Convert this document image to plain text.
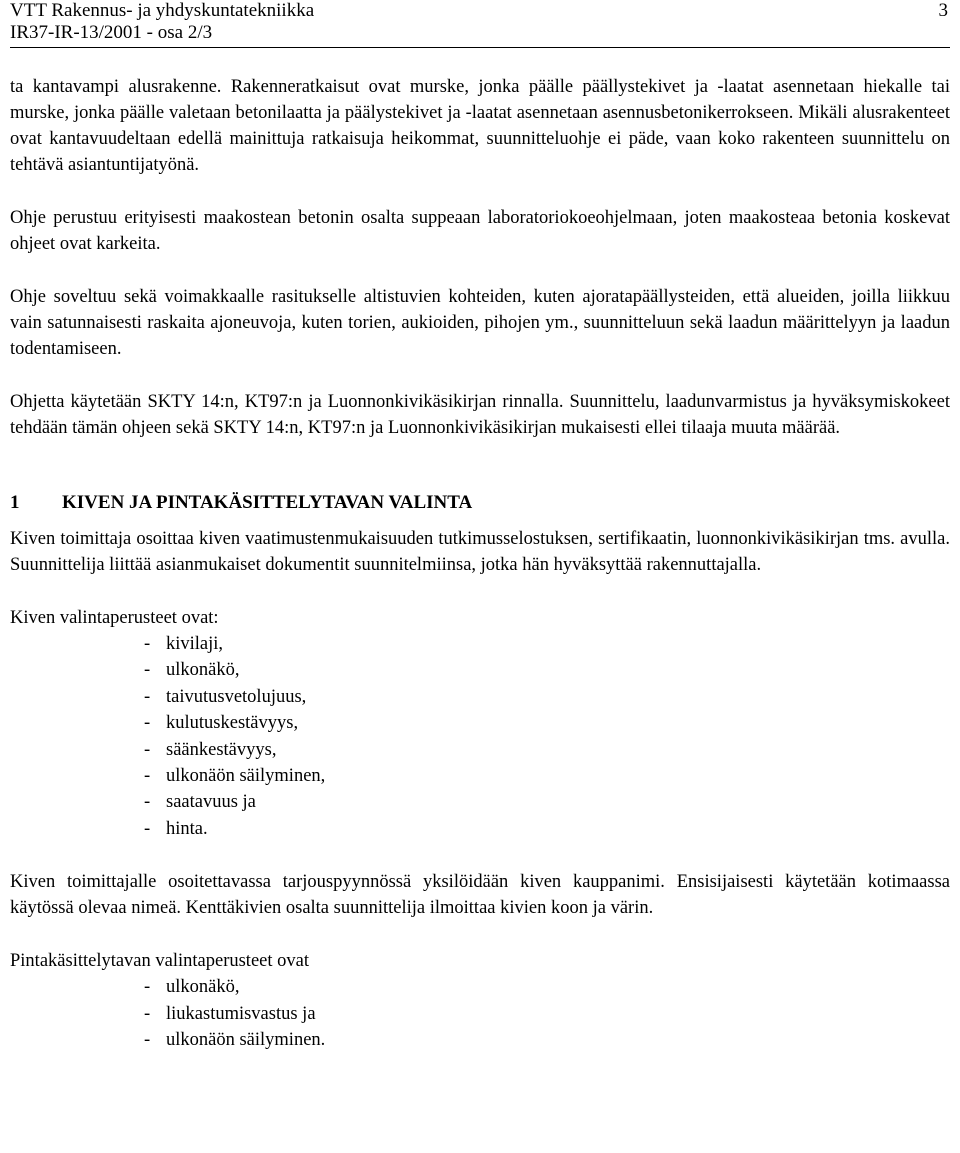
VTT Rakennus- ja yhdyskuntatekniikka
IR37-IR-13/2001 - osa 2/3
3

ta kantavampi alusrakenne. Rakenneratkaisut ovat murske, jonka päälle päällystekivet ja -laatat asennetaan hiekalle tai murske, jonka päälle valetaan betonilaatta ja päälystekivet ja -laatat asennetaan asennusbetonikerrokseen. Mikäli alusrakenteet ovat kantavuudeltaan edellä mainittuja ratkaisuja heikommat, suunnitteluohje ei päde, vaan koko rakenteen suunnittelu on tehtävä asiantuntijatyönä.

Ohje perustuu erityisesti maakostean betonin osalta suppeaan laboratoriokoeohjelmaan, joten maakosteaa betonia koskevat ohjeet ovat karkeita.

Ohje soveltuu sekä voimakkaalle rasitukselle altistuvien kohteiden, kuten ajoratapäällysteiden, että alueiden, joilla liikkuu vain satunnaisesti raskaita ajoneuvoja, kuten torien, aukioiden, pihojen ym., suunnitteluun sekä laadun määrittelyyn ja laadun todentamiseen.

Ohjetta käytetään SKTY 14:n, KT97:n ja Luonnonkivikäsikirjan rinnalla. Suunnittelu, laadunvarmistus ja hyväksymiskokeet tehdään tämän ohjeen sekä SKTY 14:n, KT97:n ja Luonnonkivikäsikirjan mukaisesti ellei tilaaja muuta määrää.

1	KIVEN JA PINTAKÄSITTELYTAVAN VALINTA

Kiven toimittaja osoittaa kiven vaatimustenmukaisuuden tutkimusselostuksen, sertifikaatin, luonnonkivikäsikirjan tms. avulla. Suunnittelija liittää asianmukaiset dokumentit suunnitelmiinsa, jotka hän hyväksyttää rakennuttajalla.

Kiven valintaperusteet ovat:

- kivilaji,
- ulkonäkö,
- taivutusvetolujuus,
- kulutuskestävyys,
- säänkestävyys,
- ulkonäön säilyminen,
- saatavuus ja
- hinta.

Kiven toimittajalle osoitettavassa tarjouspyynnössä yksilöidään kiven kauppanimi. Ensisijaisesti käytetään kotimaassa käytössä olevaa nimeä. Kenttäkivien osalta suunnittelija ilmoittaa kivien koon ja värin.

Pintakäsittelytavan valintaperusteet ovat

- ulkonäkö,
- liukastumisvastus ja
- ulkonäön säilyminen.
